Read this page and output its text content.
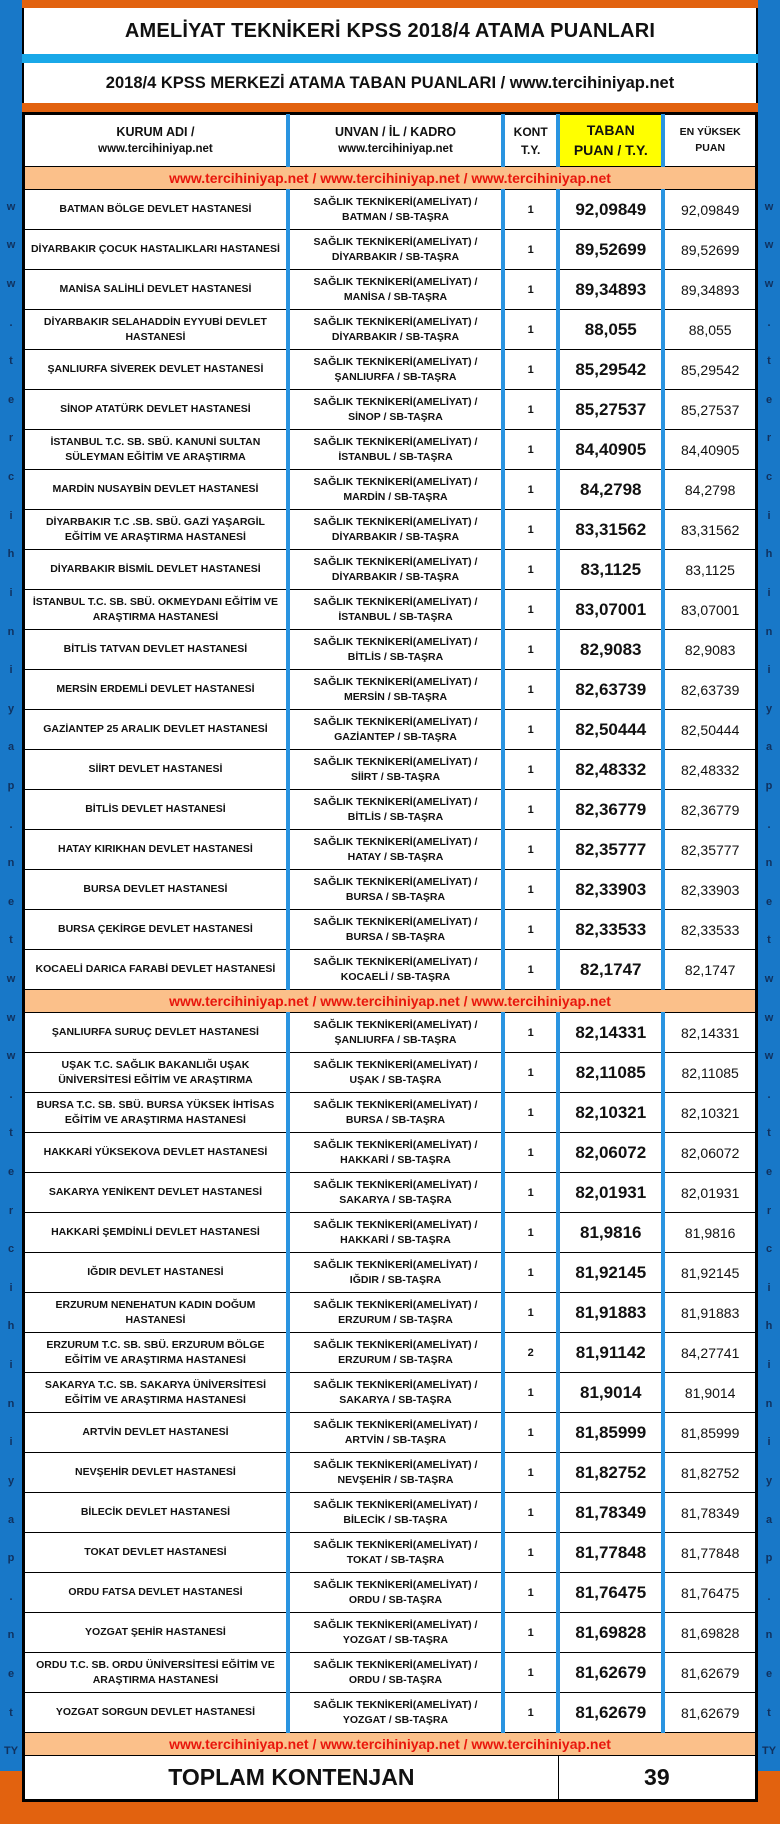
w
w
w
.
t
e
r
c
i
h
i
n
i
y
a
p
.
n
e
t
w
w
w
.
t
e
r
c
i
h
i
n
i
y
a
p
.
n
e
t
TY
AMELİYAT TEKNİKERİ KPSS 2018/4 ATAMA PUANLARI
2018/4 KPSS MERKEZİ ATAMA TABAN PUANLARI / www.tercihiniyap.net
KURUM ADI /
www.tercihiniyap.net

UNVAN / İL / KADRO
www.tercihiniyap.net

KONT
T.Y.

TABAN
PUAN / T.Y.

EN YÜKSEK
PUAN

www.tercihiniyap.net / www.tercihiniyap.net / www.tercihiniyap.net				
BATMAN BÖLGE DEVLET HASTANESİ	SAĞLIK TEKNİKERİ(AMELİYAT) /
BATMAN / SB-TAŞRA	1	92,09849	92,09849
DİYARBAKIR ÇOCUK HASTALIKLARI HASTANESİ	SAĞLIK TEKNİKERİ(AMELİYAT) /
DİYARBAKIR / SB-TAŞRA	1	89,52699	89,52699
MANİSA SALİHLİ DEVLET HASTANESİ	SAĞLIK TEKNİKERİ(AMELİYAT) /
MANİSA / SB-TAŞRA	1	89,34893	89,34893
DİYARBAKIR SELAHADDİN EYYUBİ DEVLET HASTANESİ	SAĞLIK TEKNİKERİ(AMELİYAT) /
DİYARBAKIR / SB-TAŞRA	1	88,055	88,055
ŞANLIURFA SİVEREK DEVLET HASTANESİ	SAĞLIK TEKNİKERİ(AMELİYAT) /
ŞANLIURFA / SB-TAŞRA	1	85,29542	85,29542
SİNOP ATATÜRK DEVLET HASTANESİ	SAĞLIK TEKNİKERİ(AMELİYAT) /
SİNOP / SB-TAŞRA	1	85,27537	85,27537
İSTANBUL T.C. SB. SBÜ. KANUNİ SULTAN SÜLEYMAN EĞİTİM VE ARAŞTIRMA	SAĞLIK TEKNİKERİ(AMELİYAT) /
İSTANBUL / SB-TAŞRA	1	84,40905	84,40905
MARDİN NUSAYBİN DEVLET HASTANESİ	SAĞLIK TEKNİKERİ(AMELİYAT) /
MARDİN / SB-TAŞRA	1	84,2798	84,2798
DİYARBAKIR T.C .SB. SBÜ. GAZİ YAŞARGİL EĞİTİM VE ARAŞTIRMA HASTANESİ	SAĞLIK TEKNİKERİ(AMELİYAT) /
DİYARBAKIR / SB-TAŞRA	1	83,31562	83,31562
DİYARBAKIR BİSMİL DEVLET HASTANESİ	SAĞLIK TEKNİKERİ(AMELİYAT) /
DİYARBAKIR / SB-TAŞRA	1	83,1125	83,1125
İSTANBUL T.C. SB. SBÜ. OKMEYDANI EĞİTİM VE ARAŞTIRMA HASTANESİ	SAĞLIK TEKNİKERİ(AMELİYAT) /
İSTANBUL / SB-TAŞRA	1	83,07001	83,07001
BİTLİS TATVAN DEVLET HASTANESİ	SAĞLIK TEKNİKERİ(AMELİYAT) /
BİTLİS / SB-TAŞRA	1	82,9083	82,9083
MERSİN ERDEMLİ DEVLET HASTANESİ	SAĞLIK TEKNİKERİ(AMELİYAT) /
MERSİN / SB-TAŞRA	1	82,63739	82,63739
GAZİANTEP 25 ARALIK DEVLET HASTANESİ	SAĞLIK TEKNİKERİ(AMELİYAT) /
GAZİANTEP / SB-TAŞRA	1	82,50444	82,50444
SİİRT DEVLET HASTANESİ	SAĞLIK TEKNİKERİ(AMELİYAT) /
SİİRT / SB-TAŞRA	1	82,48332	82,48332
BİTLİS DEVLET HASTANESİ	SAĞLIK TEKNİKERİ(AMELİYAT) /
BİTLİS / SB-TAŞRA	1	82,36779	82,36779
HATAY KIRIKHAN DEVLET HASTANESİ	SAĞLIK TEKNİKERİ(AMELİYAT) /
HATAY / SB-TAŞRA	1	82,35777	82,35777
BURSA DEVLET HASTANESİ	SAĞLIK TEKNİKERİ(AMELİYAT) /
BURSA / SB-TAŞRA	1	82,33903	82,33903
BURSA ÇEKİRGE DEVLET HASTANESİ	SAĞLIK TEKNİKERİ(AMELİYAT) /
BURSA / SB-TAŞRA	1	82,33533	82,33533
KOCAELİ DARICA FARABİ DEVLET HASTANESİ	SAĞLIK TEKNİKERİ(AMELİYAT) /
KOCAELİ / SB-TAŞRA	1	82,1747	82,1747
www.tercihiniyap.net / www.tercihiniyap.net / www.tercihiniyap.net				
ŞANLIURFA SURUÇ DEVLET HASTANESİ	SAĞLIK TEKNİKERİ(AMELİYAT) /
ŞANLIURFA / SB-TAŞRA	1	82,14331	82,14331
UŞAK T.C. SAĞLIK BAKANLIĞI UŞAK ÜNİVERSİTESİ EĞİTİM VE ARAŞTIRMA	SAĞLIK TEKNİKERİ(AMELİYAT) /
UŞAK / SB-TAŞRA	1	82,11085	82,11085
BURSA T.C. SB. SBÜ. BURSA YÜKSEK İHTİSAS EĞİTİM VE ARAŞTIRMA HASTANESİ	SAĞLIK TEKNİKERİ(AMELİYAT) /
BURSA / SB-TAŞRA	1	82,10321	82,10321
HAKKARİ YÜKSEKOVA DEVLET HASTANESİ	SAĞLIK TEKNİKERİ(AMELİYAT) /
HAKKARİ / SB-TAŞRA	1	82,06072	82,06072
SAKARYA YENİKENT DEVLET HASTANESİ	SAĞLIK TEKNİKERİ(AMELİYAT) /
SAKARYA / SB-TAŞRA	1	82,01931	82,01931
HAKKARİ ŞEMDİNLİ DEVLET HASTANESİ	SAĞLIK TEKNİKERİ(AMELİYAT) /
HAKKARİ / SB-TAŞRA	1	81,9816	81,9816
IĞDIR DEVLET HASTANESİ	SAĞLIK TEKNİKERİ(AMELİYAT) /
IĞDIR / SB-TAŞRA	1	81,92145	81,92145
ERZURUM NENEHATUN KADIN DOĞUM HASTANESİ	SAĞLIK TEKNİKERİ(AMELİYAT) /
ERZURUM / SB-TAŞRA	1	81,91883	81,91883
ERZURUM T.C. SB. SBÜ. ERZURUM BÖLGE EĞİTİM VE ARAŞTIRMA HASTANESİ	SAĞLIK TEKNİKERİ(AMELİYAT) /
ERZURUM / SB-TAŞRA	2	81,91142	84,27741
SAKARYA T.C. SB. SAKARYA ÜNİVERSİTESİ EĞİTİM VE ARAŞTIRMA HASTANESİ	SAĞLIK TEKNİKERİ(AMELİYAT) /
SAKARYA / SB-TAŞRA	1	81,9014	81,9014
ARTVİN DEVLET HASTANESİ	SAĞLIK TEKNİKERİ(AMELİYAT) /
ARTVİN / SB-TAŞRA	1	81,85999	81,85999
NEVŞEHİR DEVLET HASTANESİ	SAĞLIK TEKNİKERİ(AMELİYAT) /
NEVŞEHİR / SB-TAŞRA	1	81,82752	81,82752
BİLECİK DEVLET HASTANESİ	SAĞLIK TEKNİKERİ(AMELİYAT) /
BİLECİK / SB-TAŞRA	1	81,78349	81,78349
TOKAT DEVLET HASTANESİ	SAĞLIK TEKNİKERİ(AMELİYAT) /
TOKAT / SB-TAŞRA	1	81,77848	81,77848
ORDU FATSA DEVLET HASTANESİ	SAĞLIK TEKNİKERİ(AMELİYAT) /
ORDU / SB-TAŞRA	1	81,76475	81,76475
YOZGAT ŞEHİR HASTANESİ	SAĞLIK TEKNİKERİ(AMELİYAT) /
YOZGAT / SB-TAŞRA	1	81,69828	81,69828
ORDU T.C. SB. ORDU ÜNİVERSİTESİ EĞİTİM VE ARAŞTIRMA HASTANESİ	SAĞLIK TEKNİKERİ(AMELİYAT) /
ORDU / SB-TAŞRA	1	81,62679	81,62679
YOZGAT SORGUN DEVLET HASTANESİ	SAĞLIK TEKNİKERİ(AMELİYAT) /
YOZGAT / SB-TAŞRA	1	81,62679	81,62679
www.tercihiniyap.net / www.tercihiniyap.net / www.tercihiniyap.net				
TOPLAM KONTENJAN			39	
w
w
w
.
t
e
r
c
i
h
i
n
i
y
a
p
.
n
e
t
w
w
w
.
t
e
r
c
i
h
i
n
i
y
a
p
.
n
e
t
TY
